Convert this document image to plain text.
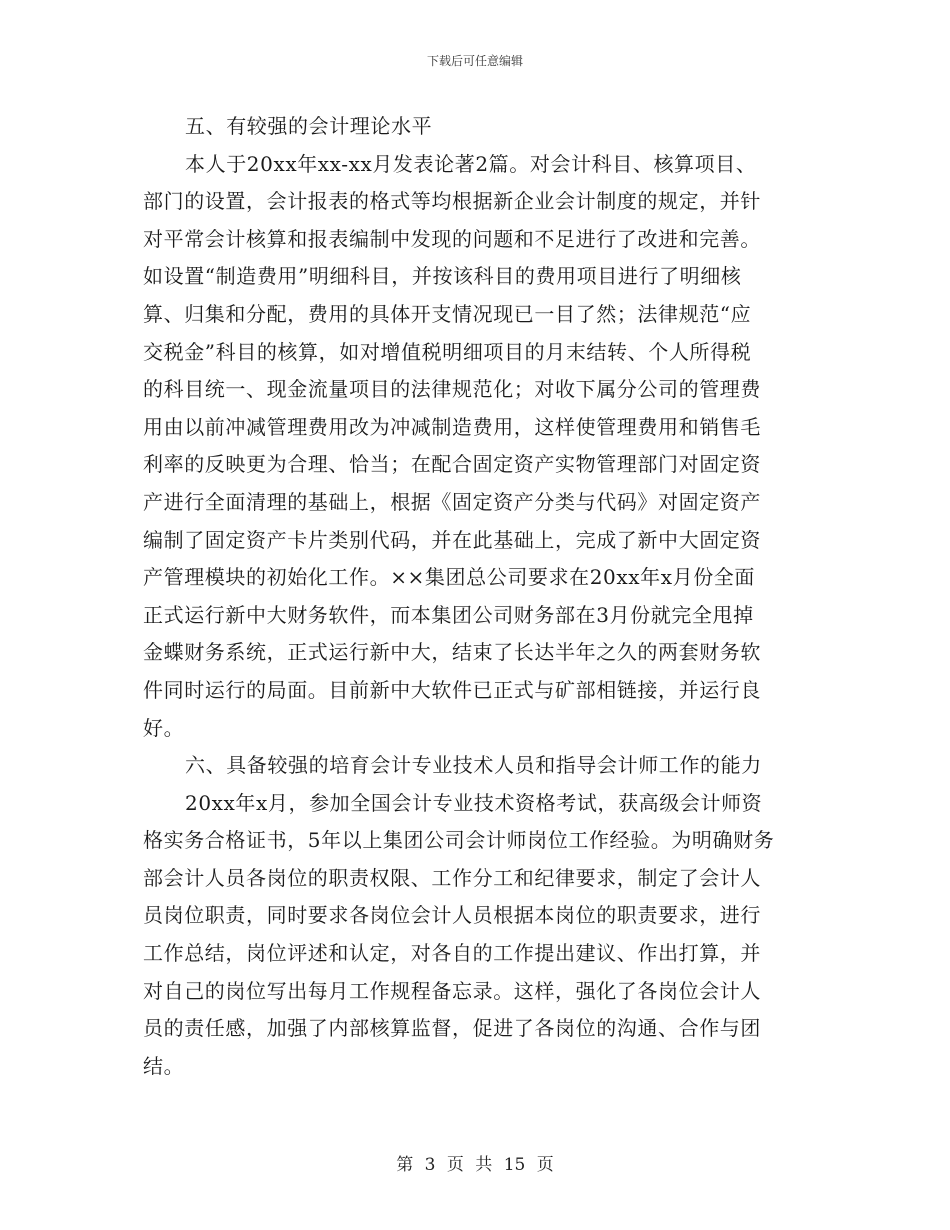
下载后可任意编辑
五、有较强的会计理论水平
本人于20xx年xx-xx月发表论著2篇。对会计科目、核算项目、
部门的设置，会计报表的格式等均根据新企业会计制度的规定，并针
对平常会计核算和报表编制中发现的问题和不足进行了改进和完善。
如设置“制造费用”明细科目，并按该科目的费用项目进行了明细核
算、归集和分配，费用的具体开支情况现已一目了然；法律规范“应
交税金”科目的核算，如对增值税明细项目的月末结转、个人所得税
的科目统一、现金流量项目的法律规范化；对收下属分公司的管理费
用由以前冲减管理费用改为冲减制造费用，这样使管理费用和销售毛
利率的反映更为合理、恰当；在配合固定资产实物管理部门对固定资
产进行全面清理的基础上，根据《固定资产分类与代码》对固定资产
编制了固定资产卡片类别代码，并在此基础上，完成了新中大固定资
产管理模块的初始化工作。××集团总公司要求在20xx年x月份全面
正式运行新中大财务软件，而本集团公司财务部在3月份就完全甩掉
金蝶财务系统，正式运行新中大，结束了长达半年之久的两套财务软
件同时运行的局面。目前新中大软件已正式与矿部相链接，并运行良
好。
六、具备较强的培育会计专业技术人员和指导会计师工作的能力
20xx年x月，参加全国会计专业技术资格考试，获高级会计师资
格实务合格证书，5年以上集团公司会计师岗位工作经验。为明确财务
部会计人员各岗位的职责权限、工作分工和纪律要求，制定了会计人
员岗位职责，同时要求各岗位会计人员根据本岗位的职责要求，进行
工作总结，岗位评述和认定，对各自的工作提出建议、作出打算，并
对自己的岗位写出每月工作规程备忘录。这样，强化了各岗位会计人
员的责任感，加强了内部核算监督，促进了各岗位的沟通、合作与团
结。
第 3 页 共 15 页
